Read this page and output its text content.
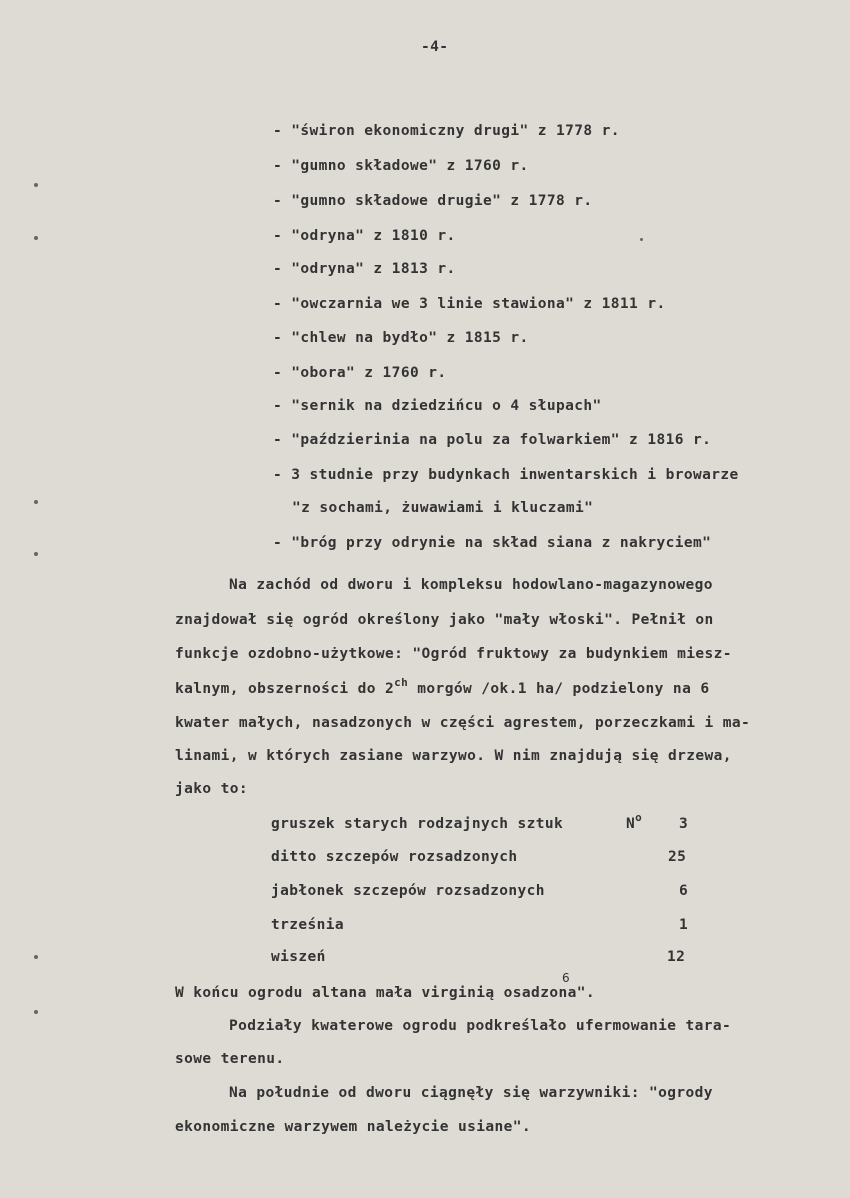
-4-
- "świron ekonomiczny drugi" z 1778 r.
- "gumno składowe" z 1760 r.
- "gumno składowe drugie" z 1778 r.
- "odryna" z 1810 r.
- "odryna" z 1813 r.
- "owczarnia we 3 linie stawiona" z 1811 r.
- "chlew na bydło" z 1815 r.
- "obora" z 1760 r.
- "sernik na dziedzińcu o 4 słupach"
- "paździerinia na polu za folwarkiem" z 1816 r.
- 3 studnie przy budynkach inwentarskich i browarze
"z sochami, żuwawiami i kluczami"
- "bróg przy odrynie na skład siana z nakryciem"
Na zachód od dworu i kompleksu hodowlano-magazynowego
znajdował się ogród określony jako "mały włoski". Pełnił on
funkcje ozdobno-użytkowe: "Ogród fruktowy za budynkiem miesz-
kalnym, obszerności do $2^{ch}$ morgów /ok.1 ha/ podzielony na 6
kwater małych, nasadzonych w części agrestem, porzeczkami i ma-
linami, w których zasiane warzywo. W nim znajdują się drzewa,
jako to:
gruszek starych rodzajnych sztuk	$N^o$	3
ditto szczepów rozsadzonych	25
jabłonek szczepów rozsadzonych	6
trześnia	1
wiszeń	12
6
W końcu ogrodu altana mała virginią osadzona".
Podziały kwaterowe ogrodu podkreślało ufermowanie tara-
sowe terenu.
Na południe od dworu ciągnęły się warzywniki: "ogrody
ekonomiczne warzywem należycie usiane".
